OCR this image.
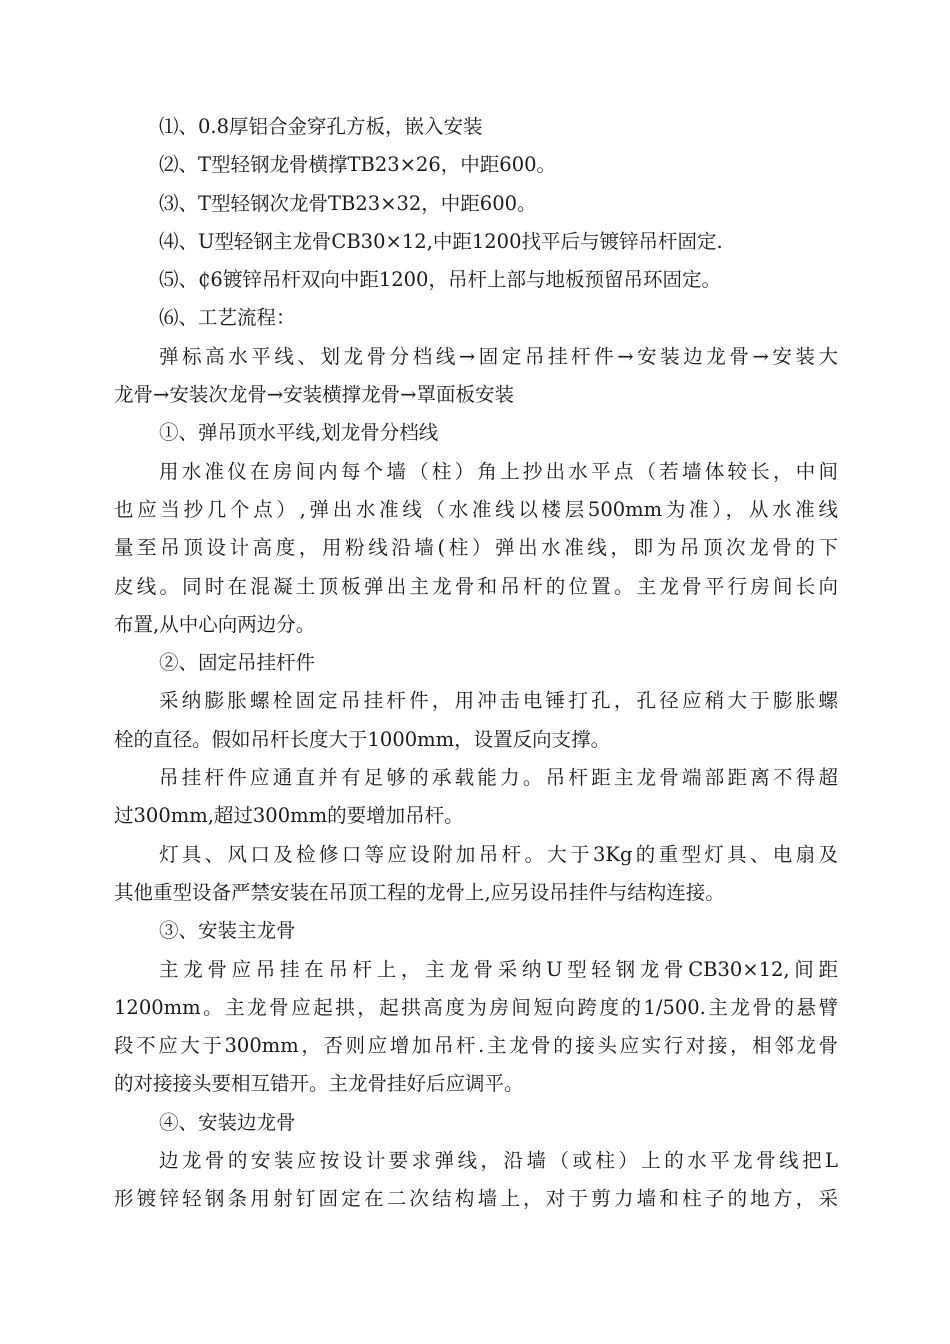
⑴、0.8厚铝合金穿孔方板，嵌入安装
⑵、T型轻钢龙骨横撑TB23×26，中距600。
⑶、T型轻钢次龙骨TB23×32，中距600。
⑷、U型轻钢主龙骨CB30×12,中距1200找平后与镀锌吊杆固定.
⑸、₵6镀锌吊杆双向中距1200，吊杆上部与地板预留吊环固定。
⑹、工艺流程：
弹标高水平线、划龙骨分档线→固定吊挂杆件→安装边龙骨→安装大
龙骨→安装次龙骨→安装横撑龙骨→罩面板安装
①、弹吊顶水平线,划龙骨分档线
用水准仪在房间内每个墙（柱）角上抄出水平点（若墙体较长，中间
也应当抄几个点）,弹出水准线（水准线以楼层500mm为准），从水准线
量至吊顶设计高度，用粉线沿墙(柱）弹出水准线，即为吊顶次龙骨的下
皮线。同时在混凝土顶板弹出主龙骨和吊杆的位置。主龙骨平行房间长向
布置,从中心向两边分。
②、固定吊挂杆件
采纳膨胀螺栓固定吊挂杆件，用冲击电锤打孔，孔径应稍大于膨胀螺
栓的直径。假如吊杆长度大于1000mm，设置反向支撑。
吊挂杆件应通直并有足够的承载能力。吊杆距主龙骨端部距离不得超
过300mm,超过300mm的要增加吊杆。
灯具、风口及检修口等应设附加吊杆。大于3Kg的重型灯具、电扇及
其他重型设备严禁安装在吊顶工程的龙骨上,应另设吊挂件与结构连接。
③、安装主龙骨
主龙骨应吊挂在吊杆上，主龙骨采纳U型轻钢龙骨CB30×12,间距
1200mm。主龙骨应起拱，起拱高度为房间短向跨度的1/500.主龙骨的悬臂
段不应大于300mm，否则应增加吊杆.主龙骨的接头应实行对接，相邻龙骨
的对接接头要相互错开。主龙骨挂好后应调平。
④、安装边龙骨
边龙骨的安装应按设计要求弹线，沿墙（或柱）上的水平龙骨线把L
形镀锌轻钢条用射钉固定在二次结构墙上，对于剪力墙和柱子的地方，采
